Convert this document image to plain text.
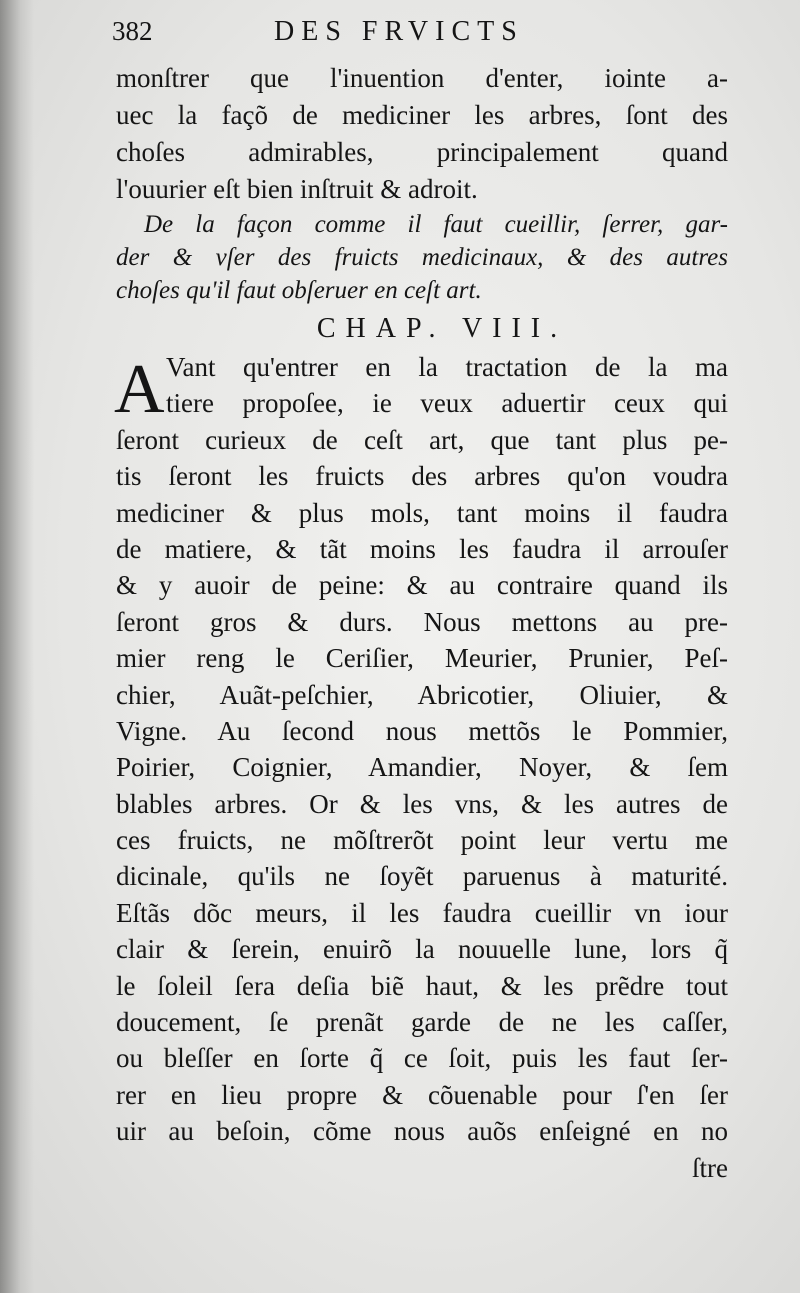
382	DES FRVICTS
monſtrer que l'inuention d'enter, iointe a-
uec la façõ de mediciner les arbres, ſont des
choſes admirables, principalement quand
l'ouurier eſt bien inſtruit & adroit.
De la façon comme il faut cueillir, ſerrer, gar-
der & vſer des fruicts medicinaux, & des autres
choſes qu'il faut obſeruer en ceſt art.
CHAP. VIII.
A Vant qu'entrer en la tractation de la ma
tiere propoſee, ie veux aduertir ceux qui
ſeront curieux de ceſt art, que tant plus pe-
tis ſeront les fruicts des arbres qu'on voudra
mediciner & plus mols, tant moins il faudra
de matiere, & tãt moins les faudra il arrouſer
& y auoir de peine: & au contraire quand ils
ſeront gros & durs. Nous mettons au pre-
mier reng le Ceriſier, Meurier, Prunier, Peſ-
chier, Auãt-peſchier, Abricotier, Oliuier, &
Vigne. Au ſecond nous mettõs le Pommier,
Poirier, Coignier, Amandier, Noyer, & ſem
blables arbres. Or & les vns, & les autres de
ces fruicts, ne mõſtrerõt point leur vertu me
dicinale, qu'ils ne ſoyẽt paruenus à maturité.
Eſtãs dõc meurs, il les faudra cueillir vn iour
clair & ſerein, enuirõ la nouuelle lune, lors q̃
le ſoleil ſera deſia biẽ haut, & les prẽdre tout
doucement, ſe prenãt garde de ne les caſſer,
ou bleſſer en ſorte q̃ ce ſoit, puis les faut ſer-
rer en lieu propre & cõuenable pour ſ'en ſer
uir au beſoin, cõme nous auõs enſeigné en no
ſtre
